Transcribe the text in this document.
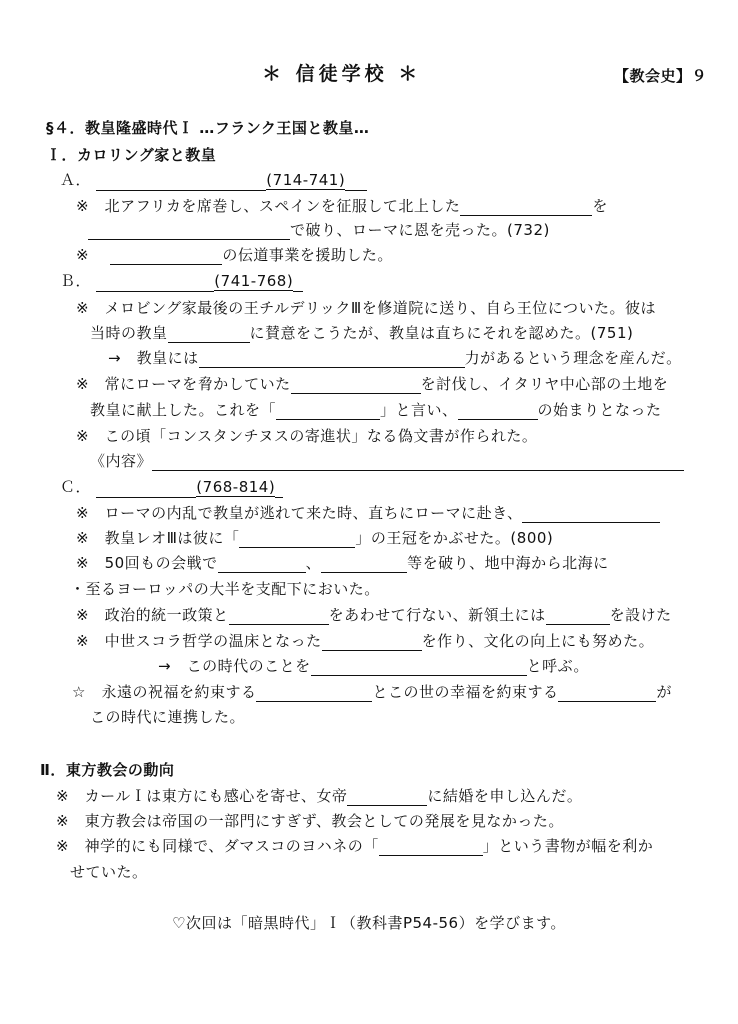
＊ 信徒学校 ＊	【教会史】９
§４．教皇隆盛時代Ｉ …フランク王国と教皇…
Ｉ．カロリング家と教皇
Ａ．	(714-741)
※　北アフリカを席巻し、スペインを征服して北上した	を
で破り、ローマに恩を売った。(732)
※	の伝道事業を援助した。
Ｂ．	(741-768)
※　メロビング家最後の王チルデリックⅢを修道院に送り、自ら王位についた。彼は
当時の教皇	に賛意をこうたが、教皇は直ちにそれを認めた。(751)
→　教皇には	力があるという理念を産んだ。
※　常にローマを脅かしていた	を討伐し、イタリヤ中心部の土地を
教皇に献上した。これを「	」と言い、	の始まりとなった
※　この頃「コンスタンチヌスの寄進状」なる偽文書が作られた。
《内容》
Ｃ．	(768-814)
※　ローマの内乱で教皇が逃れて来た時、直ちにローマに赴き、
※　教皇レオⅢは彼に「	」の王冠をかぶせた。(800)
※　50回もの会戦で	、	等を破り、地中海から北海に
・至るヨーロッパの大半を支配下においた。
※　政治的統一政策と	をあわせて行ない、新領土には	を設けた
※　中世スコラ哲学の温床となった	を作り、文化の向上にも努めた。
→　この時代のことを	と呼ぶ。
☆　永遠の祝福を約束する	とこの世の幸福を約束する	が
この時代に連携した。
Ⅱ．東方教会の動向
※　カールＩは東方にも感心を寄せ、女帝	に結婚を申し込んだ。
※　東方教会は帝国の一部門にすぎず、教会としての発展を見なかった。
※　神学的にも同様で、ダマスコのヨハネの「	」という書物が幅を利か
せていた。
♡次回は「暗黒時代」Ｉ（教科書P54-56）を学びます。
